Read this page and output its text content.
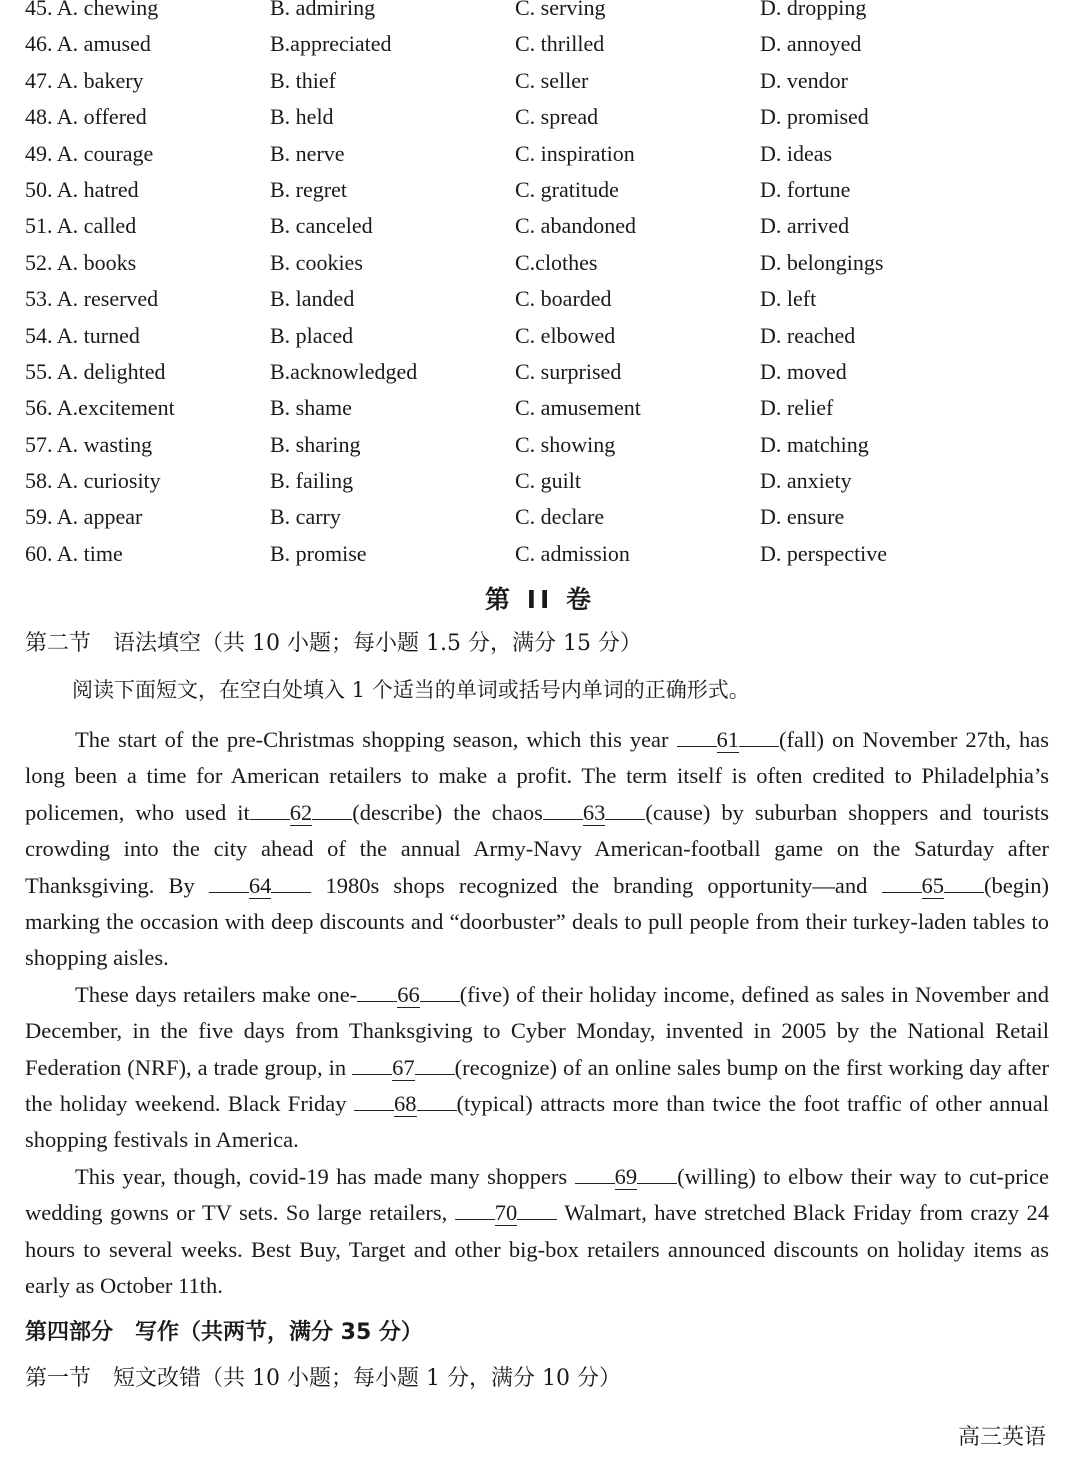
45. A. chewing	B. admiring	C. serving	D. dropping
46. A. amused	B.appreciated	C. thrilled	D. annoyed
47. A. bakery	B. thief	C. seller	D. vendor
48. A. offered	B. held	C. spread	D. promised
49. A. courage	B. nerve	C. inspiration	D. ideas
50. A. hatred	B. regret	C. gratitude	D. fortune
51. A. called	B. canceled	C. abandoned	D. arrived
52. A. books	B. cookies	C.clothes	D. belongings
53. A. reserved	B. landed	C. boarded	D. left
54. A. turned	B. placed	C. elbowed	D. reached
55. A. delighted	B.acknowledged	C. surprised	D. moved
56. A.excitement	B. shame	C. amusement	D. relief
57. A. wasting	B. sharing	C. showing	D. matching
58. A. curiosity	B. failing	C. guilt	D. anxiety
59. A. appear	B. carry	C. declare	D. ensure
60. A. time	B. promise	C. admission	D. perspective
第 II 卷
第二节　语法填空（共 10 小题；每小题 1.5 分，满分 15 分）
阅读下面短文，在空白处填入 1 个适当的单词或括号内单词的正确形式。

The start of the pre-Christmas shopping season, which this year 61 (fall) on November 27th, has long been a time for American retailers to make a profit. The term itself is often credited to Philadelphia’s policemen, who used it 62 (describe) the chaos 63 (cause) by suburban shoppers and tourists crowding into the city ahead of the annual Army-Navy American-football game on the Saturday after Thanksgiving. By 64 1980s shops recognized the branding opportunity—and 65 (begin) marking the occasion with deep discounts and “doorbuster” deals to pull people from their turkey-laden tables to shopping aisles.

These days retailers make one- 66 (five) of their holiday income, defined as sales in November and December, in the five days from Thanksgiving to Cyber Monday, invented in 2005 by the National Retail Federation (NRF), a trade group, in 67 (recognize) of an online sales bump on the first working day after the holiday weekend. Black Friday 68 (typical) attracts more than twice the foot traffic of other annual shopping festivals in America.

This year, though, covid-19 has made many shoppers 69 (willing) to elbow their way to cut-price wedding gowns or TV sets. So large retailers, 70 Walmart, have stretched Black Friday from crazy 24 hours to several weeks. Best Buy, Target and other big-box retailers announced discounts on holiday items as early as October 11th.

第四部分　写作（共两节，满分 35 分）
第一节　短文改错（共 10 小题；每小题 1 分，满分 10 分）
高三英语
